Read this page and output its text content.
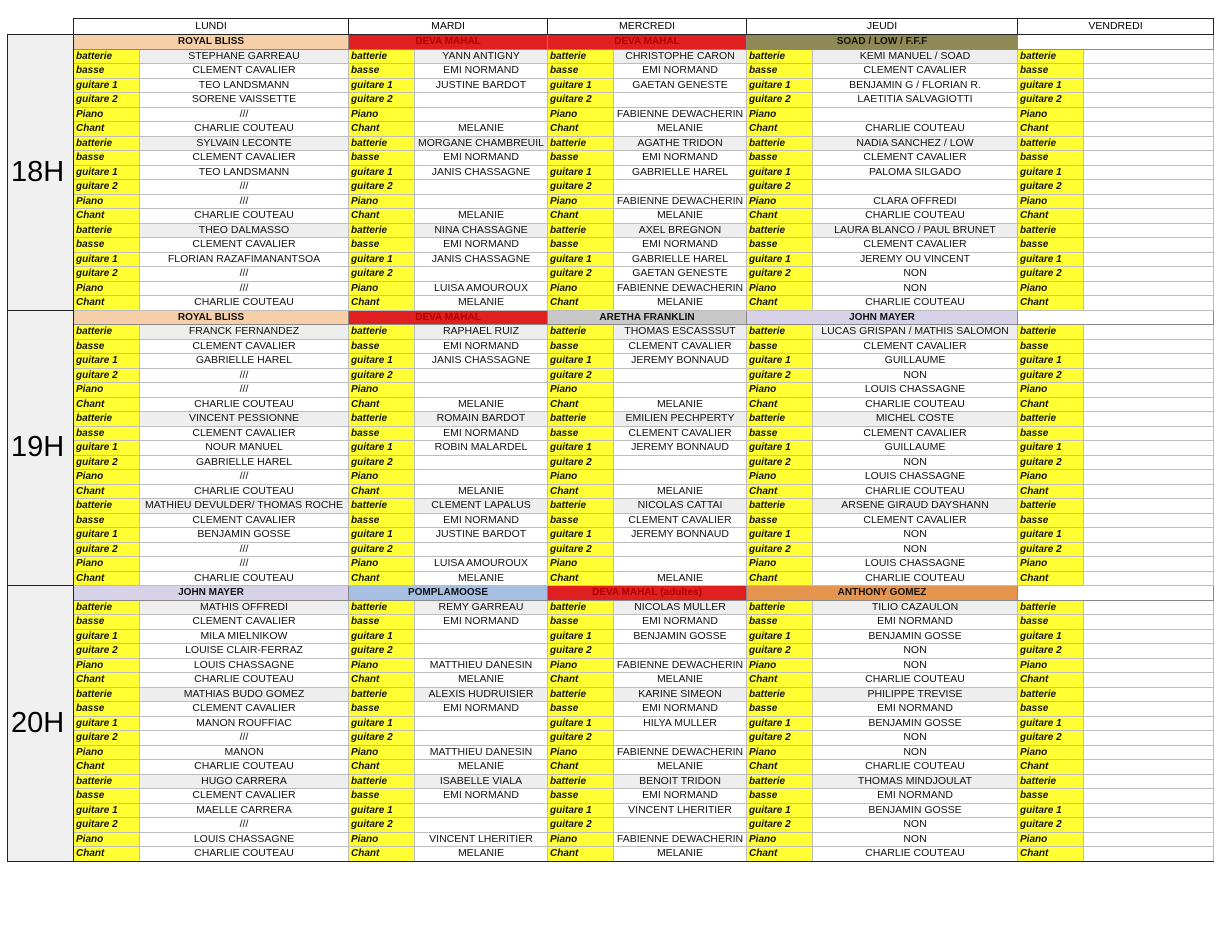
	LUNDI		MARDI		MERCREDI		JEUDI		VENDREDI	
18H	ROYAL BLISS		DEVA MAHAL		DEVA MAHAL		SOAD / LOW / F.F.F			
	batterie	STEPHANE GARREAU	batterie	YANN ANTIGNY	batterie	CHRISTOPHE CARON	batterie	KEMI MANUEL / SOAD	batterie	
	basse	CLEMENT CAVALIER	basse	EMI NORMAND	basse	EMI NORMAND	basse	CLEMENT CAVALIER	basse	
	guitare 1	TEO LANDSMANN	guitare 1	JUSTINE BARDOT	guitare 1	GAETAN GENESTE	guitare 1	BENJAMIN G / FLORIAN R.	guitare 1	
	guitare 2	SORENE VAISSETTE	guitare 2		guitare 2		guitare 2	LAETITIA SALVAGIOTTI	guitare 2	
	Piano	///	Piano		Piano	FABIENNE DEWACHERIN	Piano		Piano	
	Chant	CHARLIE COUTEAU	Chant	MELANIE	Chant	MELANIE	Chant	CHARLIE COUTEAU	Chant	
	batterie	SYLVAIN LECONTE	batterie	MORGANE CHAMBREUIL	batterie	AGATHE TRIDON	batterie	NADIA SANCHEZ / LOW	batterie	
	basse	CLEMENT CAVALIER	basse	EMI NORMAND	basse	EMI NORMAND	basse	CLEMENT CAVALIER	basse	
	guitare 1	TEO LANDSMANN	guitare 1	JANIS CHASSAGNE	guitare 1	GABRIELLE HAREL	guitare 1	PALOMA SILGADO	guitare 1	
	guitare 2	///	guitare 2		guitare 2		guitare 2		guitare 2	
	Piano	///	Piano		Piano	FABIENNE DEWACHERIN	Piano	CLARA OFFREDI	Piano	
	Chant	CHARLIE COUTEAU	Chant	MELANIE	Chant	MELANIE	Chant	CHARLIE COUTEAU	Chant	
	batterie	THEO DALMASSO	batterie	NINA CHASSAGNE	batterie	AXEL BREGNON	batterie	LAURA BLANCO / PAUL BRUNET	batterie	
	basse	CLEMENT CAVALIER	basse	EMI NORMAND	basse	EMI NORMAND	basse	CLEMENT CAVALIER	basse	
	guitare 1	FLORIAN RAZAFIMANANTSOA	guitare 1	JANIS CHASSAGNE	guitare 1	GABRIELLE HAREL	guitare 1	JEREMY OU VINCENT	guitare 1	
	guitare 2	///	guitare 2		guitare 2	GAETAN GENESTE	guitare 2	NON	guitare 2	
	Piano	///	Piano	LUISA AMOUROUX	Piano	FABIENNE DEWACHERIN	Piano	NON	Piano	
	Chant	CHARLIE COUTEAU	Chant	MELANIE	Chant	MELANIE	Chant	CHARLIE COUTEAU	Chant	
19H	ROYAL BLISS		DEVA MAHAL		ARETHA FRANKLIN		JOHN MAYER			
	batterie	FRANCK FERNANDEZ	batterie	RAPHAEL RUIZ	batterie	THOMAS ESCASSSUT	batterie	LUCAS GRISPAN / MATHIS SALOMON	batterie	
	basse	CLEMENT CAVALIER	basse	EMI NORMAND	basse	CLEMENT CAVALIER	basse	CLEMENT CAVALIER	basse	
	guitare 1	GABRIELLE HAREL	guitare 1	JANIS CHASSAGNE	guitare 1	JEREMY BONNAUD	guitare 1	GUILLAUME	guitare 1	
	guitare 2	///	guitare 2		guitare 2		guitare 2	NON	guitare 2	
	Piano	///	Piano		Piano		Piano	LOUIS CHASSAGNE	Piano	
	Chant	CHARLIE COUTEAU	Chant	MELANIE	Chant	MELANIE	Chant	CHARLIE COUTEAU	Chant	
	batterie	VINCENT PESSIONNE	batterie	ROMAIN BARDOT	batterie	EMILIEN PECHPERTY	batterie	MICHEL COSTE	batterie	
	basse	CLEMENT CAVALIER	basse	EMI NORMAND	basse	CLEMENT CAVALIER	basse	CLEMENT CAVALIER	basse	
	guitare 1	NOUR MANUEL	guitare 1	ROBIN MALARDEL	guitare 1	JEREMY BONNAUD	guitare 1	GUILLAUME	guitare 1	
	guitare 2	GABRIELLE HAREL	guitare 2		guitare 2		guitare 2	NON	guitare 2	
	Piano	///	Piano		Piano		Piano	LOUIS CHASSAGNE	Piano	
	Chant	CHARLIE COUTEAU	Chant	MELANIE	Chant	MELANIE	Chant	CHARLIE COUTEAU	Chant	
	batterie	MATHIEU DEVULDER/ THOMAS ROCHE	batterie	CLEMENT LAPALUS	batterie	NICOLAS CATTAI	batterie	ARSENE GIRAUD DAYSHANN	batterie	
	basse	CLEMENT CAVALIER	basse	EMI NORMAND	basse	CLEMENT CAVALIER	basse	CLEMENT CAVALIER	basse	
	guitare 1	BENJAMIN GOSSE	guitare 1	JUSTINE BARDOT	guitare 1	JEREMY BONNAUD	guitare 1	NON	guitare 1	
	guitare 2	///	guitare 2		guitare 2		guitare 2	NON	guitare 2	
	Piano	///	Piano	LUISA AMOUROUX	Piano		Piano	LOUIS CHASSAGNE	Piano	
	Chant	CHARLIE COUTEAU	Chant	MELANIE	Chant	MELANIE	Chant	CHARLIE COUTEAU	Chant	
20H	JOHN MAYER		POMPLAMOOSE		DEVA MAHAL (adultes)		ANTHONY GOMEZ			
	batterie	MATHIS OFFREDI	batterie	REMY GARREAU	batterie	NICOLAS MULLER	batterie	TILIO CAZAULON	batterie	
	basse	CLEMENT CAVALIER	basse	EMI NORMAND	basse	EMI NORMAND	basse	EMI NORMAND	basse	
	guitare 1	MILA MIELNIKOW	guitare 1		guitare 1	BENJAMIN GOSSE	guitare 1	BENJAMIN GOSSE	guitare 1	
	guitare 2	LOUISE CLAIR-FERRAZ	guitare 2		guitare 2		guitare 2	NON	guitare 2	
	Piano	LOUIS CHASSAGNE	Piano	MATTHIEU DANESIN	Piano	FABIENNE DEWACHERIN	Piano	NON	Piano	
	Chant	CHARLIE COUTEAU	Chant	MELANIE	Chant	MELANIE	Chant	CHARLIE COUTEAU	Chant	
	batterie	MATHIAS BUDO GOMEZ	batterie	ALEXIS HUDRUISIER	batterie	KARINE SIMEON	batterie	PHILIPPE TREVISE	batterie	
	basse	CLEMENT CAVALIER	basse	EMI NORMAND	basse	EMI NORMAND	basse	EMI NORMAND	basse	
	guitare 1	MANON ROUFFIAC	guitare 1		guitare 1	HILYA MULLER	guitare 1	BENJAMIN GOSSE	guitare 1	
	guitare 2	///	guitare 2		guitare 2		guitare 2	NON	guitare 2	
	Piano	MANON	Piano	MATTHIEU DANESIN	Piano	FABIENNE DEWACHERIN	Piano	NON	Piano	
	Chant	CHARLIE COUTEAU	Chant	MELANIE	Chant	MELANIE	Chant	CHARLIE COUTEAU	Chant	
	batterie	HUGO CARRERA	batterie	ISABELLE VIALA	batterie	BENOIT TRIDON	batterie	THOMAS MINDJOULAT	batterie	
	basse	CLEMENT CAVALIER	basse	EMI NORMAND	basse	EMI NORMAND	basse	EMI NORMAND	basse	
	guitare 1	MAELLE CARRERA	guitare 1		guitare 1	VINCENT LHERITIER	guitare 1	BENJAMIN GOSSE	guitare 1	
	guitare 2	///	guitare 2		guitare 2		guitare 2	NON	guitare 2	
	Piano	LOUIS CHASSAGNE	Piano	VINCENT LHERITIER	Piano	FABIENNE DEWACHERIN	Piano	NON	Piano	
	Chant	CHARLIE COUTEAU	Chant	MELANIE	Chant	MELANIE	Chant	CHARLIE COUTEAU	Chant	
